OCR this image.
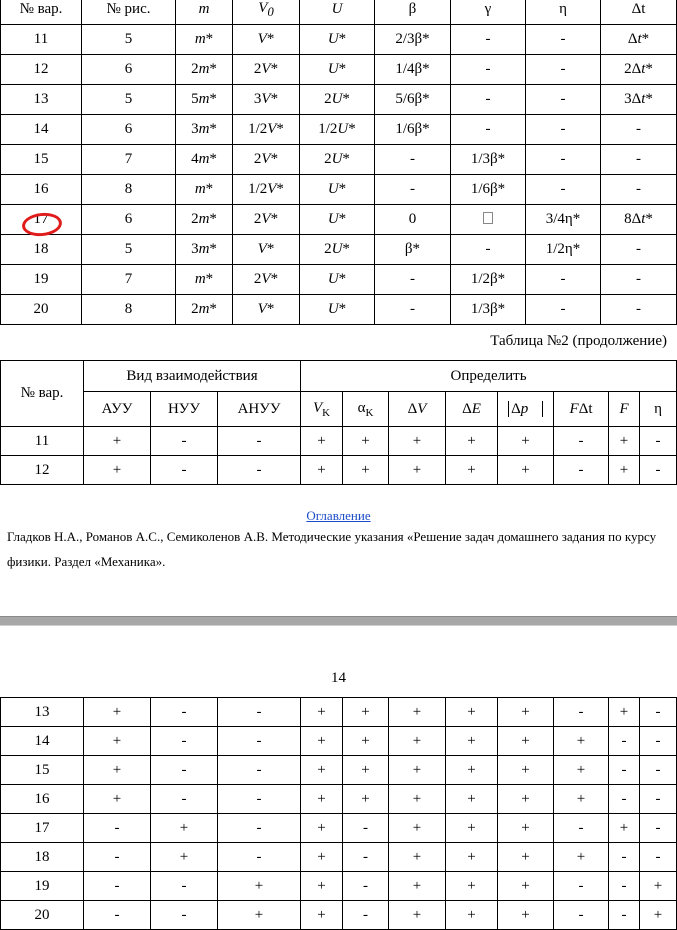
№ вар.	№ рис.	m	$V_0$	U	β	γ	η	Δt
11	5	m*	V*	U*	2/3β*	-	-	Δt*
12	6	2m*	2V*	U*	1/4β*	-	-	2Δt*
13	5	5m*	3V*	2U*	5/6β*	-	-	3Δt*
14	6	3m*	1/2V*	1/2U*	1/6β*	-	-	-
15	7	4m*	2V*	2U*	-	1/3β*	-	-
16	8	m*	1/2V*	U*	-	1/6β*	-	-
17	6	2m*	2V*	U*	0		3/4η*	8Δt*
18	5	3m*	V*	2U*	β*	-	1/2η*	-
19	7	m*	2V*	U*	-	1/2β*	-	-
20	8	2m*	V*	U*	-	1/3β*	-	-
Таблица №2 (продолжение)
№ вар.	Вид взаимодействия			Определить							
	АУУ	НУУ	АНУУ	$V_K$	$\alpha_K$	ΔV	ΔE	Δp⃗	FΔt	F	η
11	+	-	-	+	+	+	+	+	-	+	-
12	+	-	-	+	+	+	+	+	-	+	-
Оглавление
Гладков Н.А., Романов А.С., Семиколенов А.В. Методические указания «Решение задач домашнего задания по курсу физики. Раздел «Механика».
14
13	+	-	-	+	+	+	+	+	-	+	-
14	+	-	-	+	+	+	+	+	+	-	-
15	+	-	-	+	+	+	+	+	+	-	-
16	+	-	-	+	+	+	+	+	+	-	-
17	-	+	-	+	-	+	+	+	-	+	-
18	-	+	-	+	-	+	+	+	+	-	-
19	-	-	+	+	-	+	+	+	-	-	+
20	-	-	+	+	-	+	+	+	-	-	+
